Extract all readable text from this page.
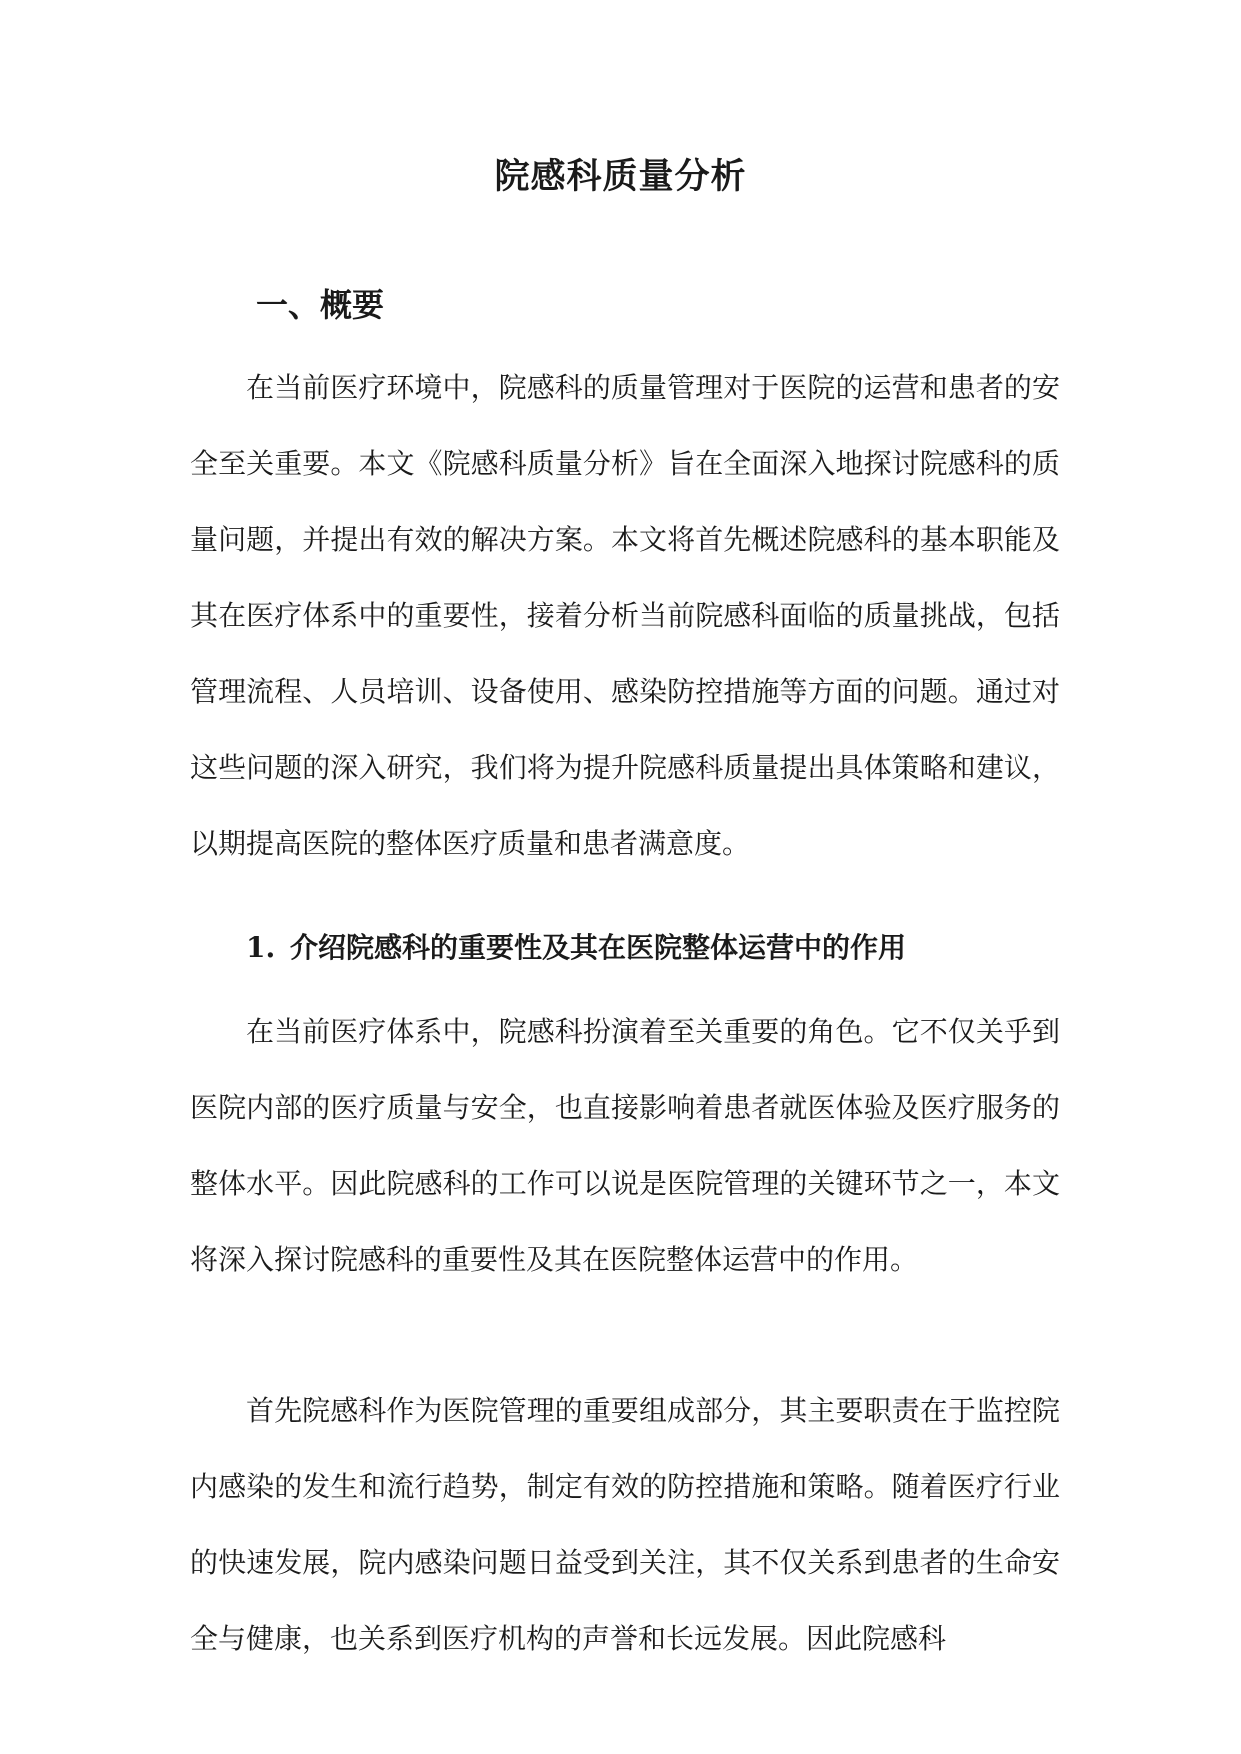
院感科质量分析
一、概要

在当前医疗环境中，院感科的质量管理对于医院的运营和患者的安全至关重要。本文《院感科质量分析》旨在全面深入地探讨院感科的质量问题，并提出有效的解决方案。本文将首先概述院感科的基本职能及其在医疗体系中的重要性，接着分析当前院感科面临的质量挑战，包括管理流程、人员培训、设备使用、感染防控措施等方面的问题。通过对这些问题的深入研究，我们将为提升院感科质量提出具体策略和建议，以期提高医院的整体医疗质量和患者满意度。

1. 介绍院感科的重要性及其在医院整体运营中的作用

在当前医疗体系中，院感科扮演着至关重要的角色。它不仅关乎到医院内部的医疗质量与安全，也直接影响着患者就医体验及医疗服务的整体水平。因此院感科的工作可以说是医院管理的关键环节之一，本文将深入探讨院感科的重要性及其在医院整体运营中的作用。

首先院感科作为医院管理的重要组成部分，其主要职责在于监控院内感染的发生和流行趋势，制定有效的防控措施和策略。随着医疗行业的快速发展，院内感染问题日益受到关注，其不仅关系到患者的生命安全与健康，也关系到医疗机构的声誉和长远发展。因此院感科
